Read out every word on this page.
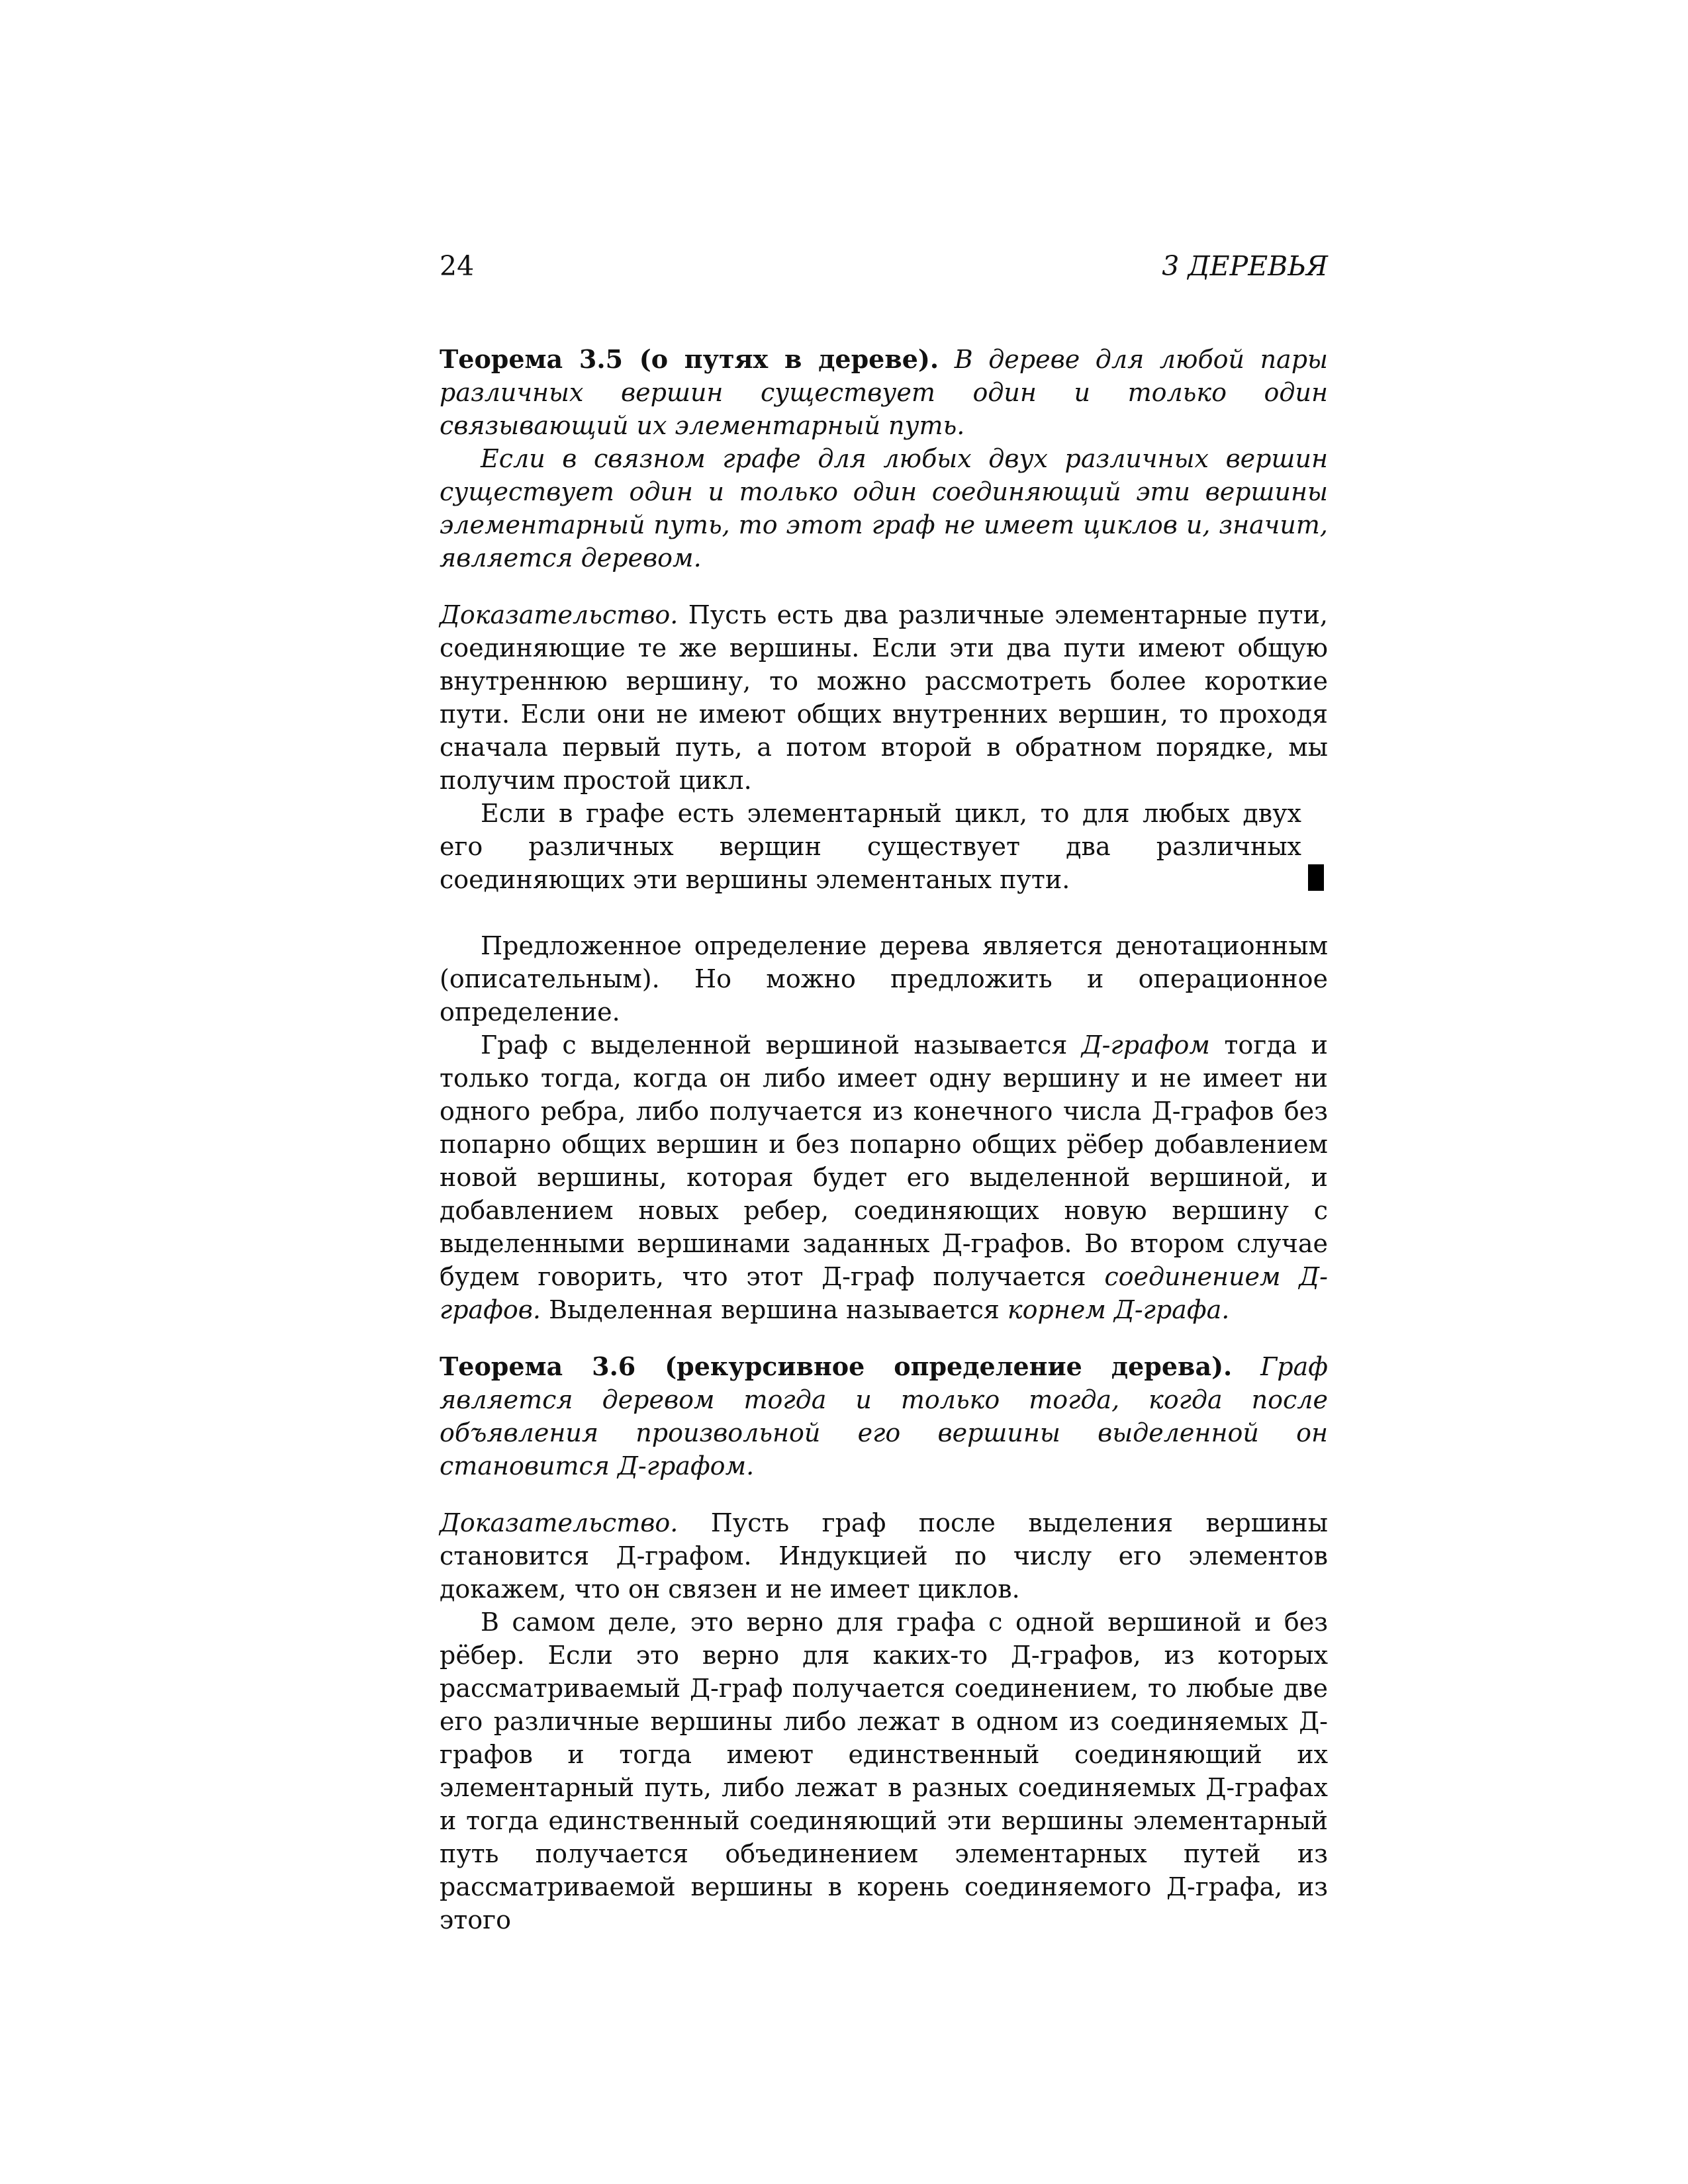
24	3 ДЕРЕВЬЯ

Теорема 3.5 (о путях в дереве). В дереве для любой пары различных вершин существует один и только один связывающий их элементарный путь.

Если в связном графе для любых двух различных вершин существует один и только один соединяющий эти вершины элементарный путь, то этот граф не имеет циклов и, значит, является деревом.

Доказательство. Пусть есть два различные элементарные пути, соединяющие те же вершины. Если эти два пути имеют общую внутреннюю вершину, то можно рассмотреть более короткие пути. Если они не имеют общих внутренних вершин, то проходя сначала первый путь, а потом второй в обратном порядке, мы получим простой цикл.

Если в графе есть элементарный цикл, то для любых двух его различных верщин существует два различных соединяющих эти вершины элементаных пути.

Предложенное определение дерева является денотационным (описательным). Но можно предложить и операционное определение.

Граф с выделенной вершиной называется Д-графом тогда и только тогда, когда он либо имеет одну вершину и не имеет ни одного ребра, либо получается из конечного числа Д-графов без попарно общих вершин и без попарно общих рёбер добавлением новой вершины, которая будет его выделенной вершиной, и добавлением новых ребер, соединяющих новую вершину с выделенными вершинами заданных Д-графов. Во втором случае будем говорить, что этот Д-граф получается соединением Д-графов. Выделенная вершина называется корнем Д-графа.

Теорема 3.6 (рекурсивное определение дерева). Граф является деревом тогда и только тогда, когда после объявления произвольной его вершины выделенной он становится Д-графом.

Доказательство. Пусть граф после выделения вершины становится Д-графом. Индукцией по числу его элементов докажем, что он связен и не имеет циклов.

В самом деле, это верно для графа с одной вершиной и без рёбер. Если это верно для каких-то Д-графов, из которых рассматриваемый Д-граф получается соединением, то любые две его различные вершины либо лежат в одном из соединяемых Д-графов и тогда имеют единственный соединяющий их элементарный путь, либо лежат в разных соединяемых Д-графах и тогда единственный соединяющий эти вершины элементарный путь получается объединением элементарных путей из рассматриваемой вершины в корень соединяемого Д-графа, из этого
